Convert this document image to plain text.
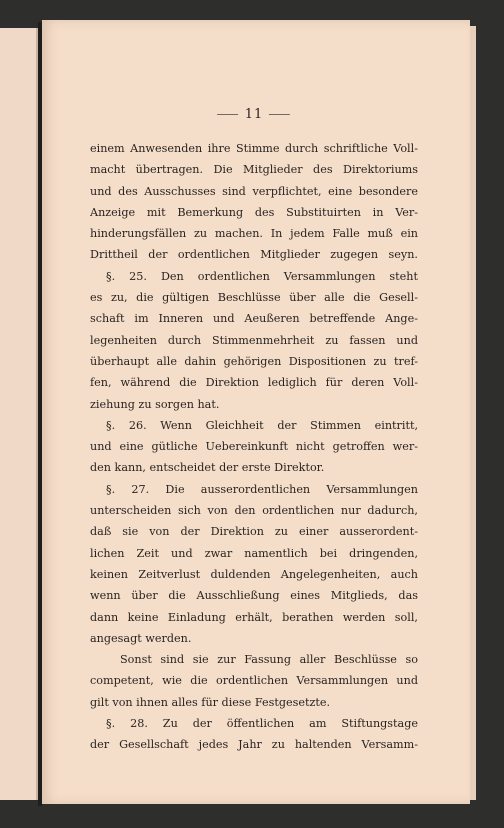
⸺ 11 ⸺
einem Anwesenden ihre Stimme durch schriftliche Voll-
macht übertragen. Die Mitglieder des Direktoriums
und des Ausschusses sind verpflichtet, eine besondere
Anzeige mit Bemerkung des Substituirten in Ver-
hinderungsfällen zu machen. In jedem Falle muß ein
Drittheil der ordentlichen Mitglieder zugegen seyn.
§. 25. Den ordentlichen Versammlungen steht
es zu, die gültigen Beschlüsse über alle die Gesell-
schaft im Inneren und Aeußeren betreffende Ange-
legenheiten durch Stimmenmehrheit zu fassen und
überhaupt alle dahin gehörigen Dispositionen zu tref-
fen, während die Direktion lediglich für deren Voll-
ziehung zu sorgen hat.
§. 26. Wenn Gleichheit der Stimmen eintritt,
und eine gütliche Uebereinkunft nicht getroffen wer-
den kann, entscheidet der erste Direktor.
§. 27. Die ausserordentlichen Versammlungen
unterscheiden sich von den ordentlichen nur dadurch,
daß sie von der Direktion zu einer ausserordent-
lichen Zeit und zwar namentlich bei dringenden,
keinen Zeitverlust duldenden Angelegenheiten, auch
wenn über die Ausschließung eines Mitglieds, das
dann keine Einladung erhält, berathen werden soll,
angesagt werden.
Sonst sind sie zur Fassung aller Beschlüsse so
competent, wie die ordentlichen Versammlungen und
gilt von ihnen alles für diese Festgesetzte.
§. 28. Zu der öffentlichen am Stiftungstage
der Gesellschaft jedes Jahr zu haltenden Versamm-
